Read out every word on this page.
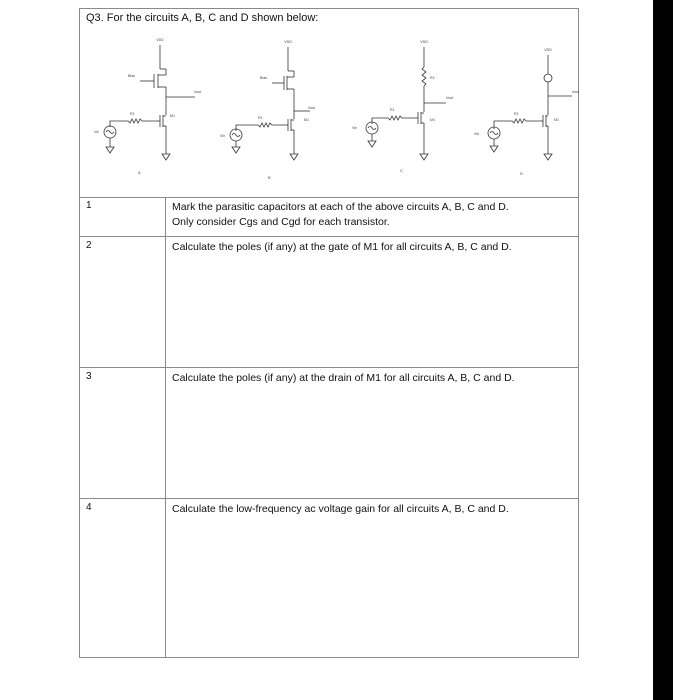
Q3. For the circuits A, B, C and D shown below:
VDD
Bias
Vout
R1	M1
Vin
A
VDD
Bias
Vout
R1	M1
Vin
B
VDD
R2
Vout
R1
M1
Vin
C
VDD
Vout
R1
M1
Vin
D
1	Mark the parasitic capacitors at each of the above circuits A, B, C and D.
Only consider Cgs and Cgd for each transistor.
2	Calculate the poles (if any) at the gate of M1 for all circuits A, B, C and D.
3	Calculate the poles (if any) at the drain of M1 for all circuits A, B, C and D.
4	Calculate the low-frequency ac voltage gain for all circuits A, B, C and D.
